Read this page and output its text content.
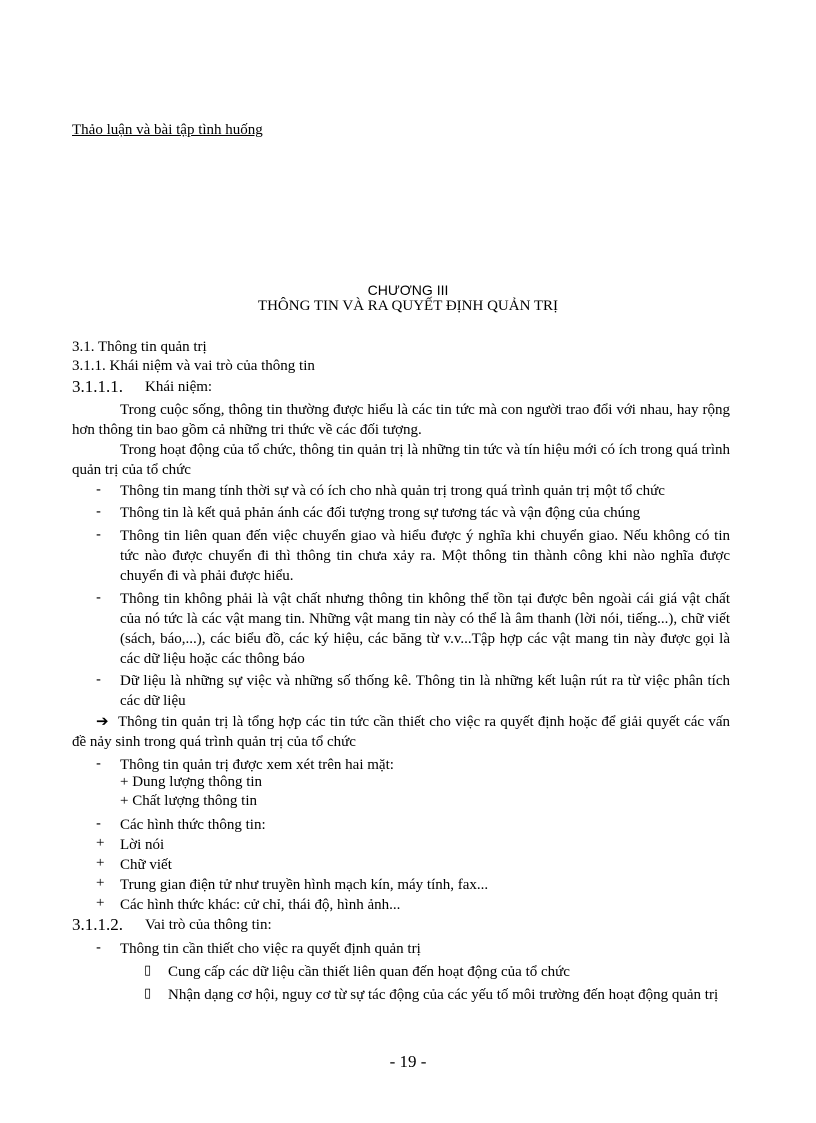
Thảo luận và bài tập tình huống
CHƯƠNG III
THÔNG TIN VÀ RA QUYẾT ĐỊNH QUẢN TRỊ
3.1. Thông tin quản trị
3.1.1. Khái niệm và vai trò của thông tin
3.1.1.1. Khái niệm:
Trong cuộc sống, thông tin thường được hiểu là các tin tức mà con người trao đổi với nhau, hay rộng hơn thông tin bao gồm cả những tri thức về các đối tượng.
Trong hoạt động của tổ chức, thông tin quản trị là những tin tức và tín hiệu mới có ích trong quá trình quản trị của tổ chức
- Thông tin mang tính thời sự và có ích cho nhà quản trị trong quá trình quản trị một tổ chức
- Thông tin là kết quả phản ánh các đối tượng trong sự tương tác và vận động của chúng
- Thông tin liên quan đến việc chuyển giao và hiểu được ý nghĩa khi chuyển giao. Nếu không có tin tức nào được chuyển đi thì thông tin chưa xảy ra. Một thông tin thành công khi nào nghĩa được chuyển đi và phải được hiểu.
- Thông tin không phải là vật chất nhưng thông tin không thể tồn tại được bên ngoài cái giá vật chất của nó tức là các vật mang tin. Những vật mang tin này có thể là âm thanh (lời nói, tiếng...), chữ viết (sách, báo,...), các biểu đồ, các ký hiệu, các băng từ v.v...Tập hợp các vật mang tin này được gọi là các dữ liệu hoặc các thông báo
- Dữ liệu là những sự việc và những số thống kê. Thông tin là những kết luận rút ra từ việc phân tích các dữ liệu
➔ Thông tin quản trị là tổng hợp các tin tức cần thiết cho việc ra quyết định hoặc để giải quyết các vấn đề nảy sinh trong quá trình quản trị của tổ chức
- Thông tin quản trị được xem xét trên hai mặt:
+ Dung lượng thông tin
+ Chất lượng thông tin
- Các hình thức thông tin:
+ Lời nói
+ Chữ viết
+ Trung gian điện tử như truyền hình mạch kín, máy tính, fax...
+ Các hình thức khác: cử chỉ, thái độ, hình ảnh...
3.1.1.2. Vai trò của thông tin:
- Thông tin cần thiết cho việc ra quyết định quản trị
▯ Cung cấp các dữ liệu cần thiết liên quan đến hoạt động của tổ chức
▯ Nhận dạng cơ hội, nguy cơ từ sự tác động của các yếu tố môi trường đến hoạt động quản trị
- 19 -
